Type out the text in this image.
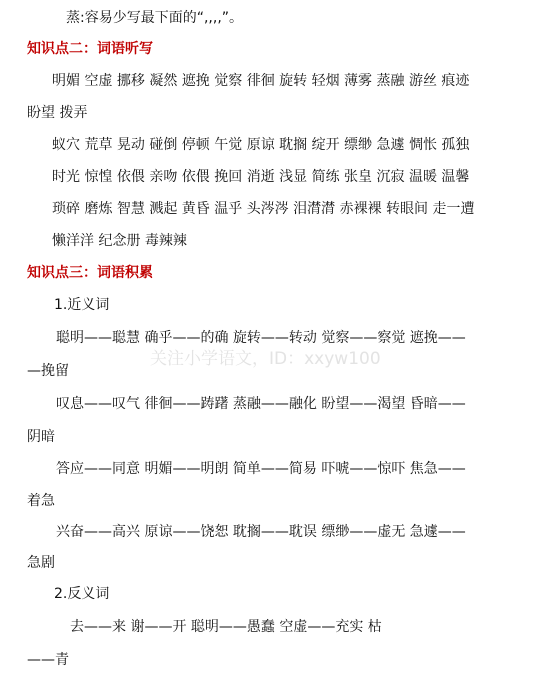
蒸:容易少写最下面的“,,,,”。
知识点二：词语听写
明媚 空虚 挪移 凝然 遮挽 觉察 徘徊 旋转 轻烟 薄雾 蒸融 游丝 痕迹
盼望 拨弄
蚁穴 荒草 晃动 碰倒 停顿 午觉 原谅 耽搁 绽开 缥缈 急遽 惆怅 孤独
时光 惊惶 依偎 亲吻 依偎 挽回 消逝 浅显 简练 张皇 沉寂 温暖 温馨
琐碎 磨炼 智慧 溅起 黄昏 温乎 头涔涔 泪潸潸 赤裸裸 转眼间 走一遭
懒洋洋 纪念册 毒辣辣
知识点三：词语积累
1.近义词
聪明——聪慧 确乎——的确 旋转——转动 觉察——察觉 遮挽——
—挽留
叹息——叹气 徘徊——踌躇 蒸融——融化 盼望——渴望 昏暗——
阴暗
答应——同意 明媚——明朗 简单——简易 吓唬——惊吓 焦急——
着急
兴奋——高兴 原谅——饶恕 耽搁——耽误 缥缈——虚无 急遽——
急剧
2.反义词
去——来 谢——开 聪明——愚蠢 空虚——充实 枯
——青
关注小学语文，ID：xxyw100
